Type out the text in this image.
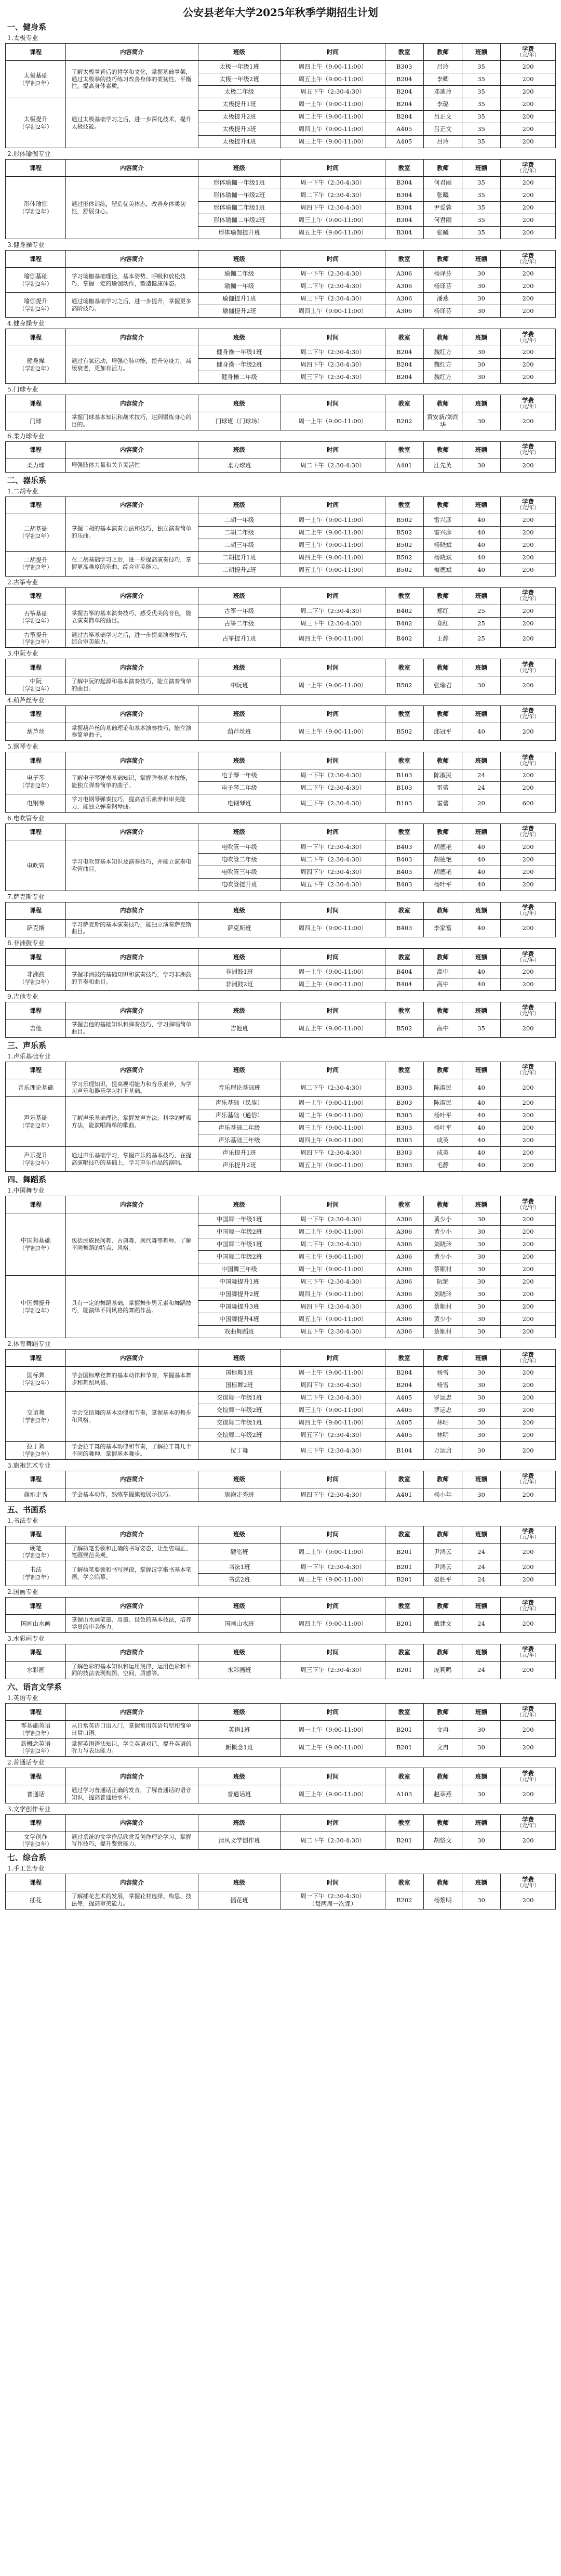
公安县老年大学2025年秋季学期招生计划
一、健身系
1.太极专业
课程	内容简介	班级	时间	教室	教师	班额	学费
（元/年）

太极基础
（学制2年）	了解太极拳背后的哲学和文化，掌握基础拳架，通过太极拳的技巧练习改善身体的柔韧性、平衡性，提高身体素质。	太极一年级1班	周四上午（9:00-11:00）	B303	吕玲	35	200
		太极一年级2班	周五上午（9:00-11:00）	B204	李卿	35	200
		太极二年级	周五下午（2:30-4:30）	B204	邓迪玲	35	200
太极提升
（学制2年）	通过太极基础学习之后，进一步深化技术，提升太极技能。	太极提升1班	周一上午（9:00-11:00）	B204	李璐	35	200
		太极提升2班	周二上午（9:00-11:00）	B204	吕正文	35	200
		太极提升3班	周四上午（9:00-11:00）	A405	吕正文	35	200
		太极提升4班	周三上午（9:00-11:00）	A405	吕玲	35	200
2.形体瑜伽专业
课程	内容简介	班级	时间	教室	教师	班额	学费
（元/年）

形体瑜伽
（学制2年）	通过形体训练，塑造优美体态，改善身体柔韧性，舒展身心。	形体瑜伽一年级1班	周一下午（2:30-4:30）	B304	何君丽	35	200
		形体瑜伽一年级2班	周二下午（2:30-4:30）	B304	张曦	35	200
		形体瑜伽二年级1班	周四下午（2:30-4:30）	B304	尹爱蓉	35	200
		形体瑜伽二年级2班	周三上午（9:00-11:00）	B304	何君丽	35	200
		形体瑜伽提升班	周五上午（9:00-11:00）	B304	张曦	35	200
3.健身操专业
课程	内容简介	班级	时间	教室	教师	班额	学费
（元/年）

瑜伽基础
（学制2年）	学习瑜伽基础理论，基本姿势、呼吸和放松技巧，掌握一定的瑜伽动作，塑造健康体态。	瑜伽二年级	周一下午（2:30-4:30）	A306	杨译芬	30	200
		瑜伽一年级	周二下午（2:30-4:30）	A306	杨译芬	30	200
瑜伽提升
（学制2年）	通过瑜伽基础学习之后，进一步提升，掌握更多高阶技巧。	瑜伽提升1班	周三下午（2:30-4:30）	A306	潘燕	30	200
		瑜伽提升2班	周四上午（9:00-11:00）	A306	杨译芬	30	200
4.健身操专业
课程	内容简介	班级	时间	教室	教师	班额	学费
（元/年）

健身操
（学制2年）	通过有氧运动，增强心肺功能，提升免疫力，减缓衰老，更加有活力。	健身操一年级1班	周二下午（2:30-4:30）	B204	魏红方	30	200
		健身操一年级2班	周四下午（2:30-4:30）	B204	魏红方	30	200
		健身操二年级	周三下午（2:30-4:30）	B204	魏红方	30	200
5.门球专业
课程	内容简介	班级	时间	教室	教师	班额	学费
（元/年）

门球	掌握门球基本知识和战术技巧，达到锻炼身心的目的。	门球班（门球场）	周一上午（9:00-11:00）	B202	黄安新/刘尚华	30	200
6.柔力球专业
课程	内容简介	班级	时间	教室	教师	班额	学费
（元/年）

柔力球	增强肢体力量和关节灵活性	柔力球班	周二下午（2:30-4:30）	A401	江先英	30	200
二、器乐系
1.二胡专业
课程	内容简介	班级	时间	教室	教师	班额	学费
（元/年）

二胡基础
（学制2年）	掌握二胡的基本演奏方法和技巧，独立演奏简单的乐曲。	二胡一年级	周一上午（9:00-11:00）	B502	雷兴彦	40	200
		二胡二年级	周二上午（9:00-11:00）	B502	雷兴彦	40	200
		二胡三年级	周三上午（9:00-11:00）	B502	杨晓斌	40	200
二胡提升
（学制2年）	在二胡基础学习之后，进一步提高演奏技巧，掌握更高难度的乐曲，综合审美能力。	二胡提升1班	周四上午（9:00-11:00）	B502	杨晓斌	40	200
		二胡提升2班	周五上午（9:00-11:00）	B502	梅德斌	40	200
2.古筝专业
课程	内容简介	班级	时间	教室	教师	班额	学费
（元/年）

古筝基础
（学制2年）	掌握古筝的基本演奏技巧，感受优美的音色，能立演奏简单的曲目。	古筝一年级	周二下午（2:30-4:30）	B402	郑红	25	200
		古筝二年级	周三下午（2:30-4:30）	B402	郑红	25	200
古筝提升
（学制2年）	通过古筝基础学习之后，进一步提高演奏技巧，综合审美能力。	古筝提升1班	周四上午（9:00-11:00）	B402	王静	25	200
3.中阮专业
课程	内容简介	班级	时间	教室	教师	班额	学费
（元/年）

中阮
（学制2年）	了解中阮的起源和基本演奏技巧，能立演奏简单的曲目。	中阮班	周一上午（9:00-11:00）	B502	张瑞君	30	200
4.葫芦丝专业
课程	内容简介	班级	时间	教室	教师	班额	学费
（元/年）

葫芦丝	掌握葫芦丝的基础理论和基本演奏技巧，能立演奏简单曲子。	葫芦丝班	周三上午（9:00-11:00）	B502	邱冠平	40	200
5.钢琴专业
课程	内容简介	班级	时间	教室	教师	班额	学费
（元/年）

电子琴
（学制2年）	了解电子琴弹奏基础知识，掌握弹奏基本技能，能独立弹奏简单的曲子。	电子琴一年级	周一下午（2:30-4:30）	B103	陈淑民	24	200
		电子琴二年级	周二下午（2:30-4:30）	B103	雷蕾	24	200
电钢琴	学习电钢琴弹奏技巧，提高音乐素养和审美能力，能独立弹奏钢琴曲。	电钢琴班	周三下午（2:30-4:30）	B103	雷蕾	20	600
6.电吹管专业
课程	内容简介	班级	时间	教室	教师	班额	学费
（元/年）

电吹管	学习电吹管基本知识及演奏技巧，并能立演奏电吹管曲目。	电吹管一年级	周一下午（2:30-4:30）	B403	胡德艳	40	200
		电吹管二年级	周二下午（2:30-4:30）	B403	胡德艳	40	200
		电吹管三年级	周四下午（2:30-4:30）	B403	胡德艳	40	200
		电吹管提升班	周五下午（2:30-4:30）	B403	杨叶平	40	200
7.萨克斯专业
课程	内容简介	班级	时间	教室	教师	班额	学费
（元/年）

萨克斯	学习萨克斯的基本演奏技巧，能独立演奏萨克斯曲目。	萨克斯班	周四上午（9:00-11:00）	B403	李家富	40	200
8.非洲鼓专业
课程	内容简介	班级	时间	教室	教师	班额	学费
（元/年）

非洲鼓
（学制2年）	掌握非洲鼓的基础知识和演奏技巧，学习非洲鼓的节奏和曲目。	非洲鼓1班	周一上午（9:00-11:00）	B404	高中	40	200
		非洲鼓2班	周三上午（9:00-11:00）	B404	高中	40	200
9.吉他专业
课程	内容简介	班级	时间	教室	教师	班额	学费
（元/年）

吉他	掌握吉他的基础知识和弹奏技巧，学习弹唱简单曲目。	吉他班	周五上午（9:00-11:00）	B502	高中	35	200
三、声乐系
1.声乐基础专业
课程	内容简介	班级	时间	教室	教师	班额	学费
（元/年）

音乐理论基础	学习乐理知识，提高视唱能力和音乐素养，为学习声乐和器乐学习打下基础。	音乐理论基础班	周二下午（2:30-4:30）	B303	陈淑民	40	200
声乐基础
（学制2年）	了解声乐基础理论，掌握发声方法、科学的呼吸方法，能演唱简单的歌曲。	声乐基础（民族）	周一上午（9:00-11:00）	B303	陈淑民	40	200
		声乐基础（通俗）	周二上午（9:00-11:00）	B303	杨叶平	40	200
		声乐基础二年级	周三上午（9:00-11:00）	B303	杨叶平	40	200
		声乐基础三年级	周四上午（9:00-11:00）	B303	成英	40	200
声乐提升
（学制2年）	通过声乐基础学习，掌握声乐的基本技巧，在提高演唱技巧的基础上，学习声乐作品的演唱。	声乐提升1班	周四下午（2:30-4:30）	B303	成英	40	200
		声乐提升2班	周五上午（9:00-11:00）	B303	毛静	40	200
四、舞蹈系
1.中国舞专业
课程	内容简介	班级	时间	教室	教师	班额	学费
（元/年）

中国舞基础
（学制2年）	包括民族民间舞、古典舞、现代舞等舞种。了解不同舞蹈的特点、风格。	中国舞一年级1班	周一下午（2:30-4:30）	A306	黄少小	30	200
		中国舞一年级2班	周二上午（9:00-11:00）	A306	黄少小	30	200
		中国舞二年级1班	周二下午（2:30-4:30）	A306	刘晓玲	30	200
		中国舞二年级2班	周三上午（9:00-11:00）	A306	黄少小	30	200
		中国舞三年级	周一上午（9:00-11:00）	A306	蔡顺村	30	200
中国舞提升
（学制2年）	具有一定的舞蹈基础，掌握舞步男元素和舞蹈技巧，能演绎不同风格的舞蹈作品。	中国舞提升1班	周三下午（2:30-4:30）	A306	阮艳	30	200
		中国舞提升2班	周四上午（9:00-11:00）	A306	刘晓玲	30	200
		中国舞提升3班	周四下午（2:30-4:30）	A306	蔡顺村	30	200
		中国舞提升4班	周五上午（9:00-11:00）	A306	黄少小	30	200
		戏曲舞蹈班	周五下午（2:30-4:30）	A306	蔡顺村	30	200
2.体育舞蹈专业
课程	内容简介	班级	时间	教室	教师	班额	学费
（元/年）

国标舞
（学制2年）	学会国标摩登舞的基本动律和节奏，掌握基本舞步和舞蹈风格。	国标舞1班	周一上午（9:00-11:00）	B204	杨雪	30	200
		国标舞2班	周四下午（2:30-4:30）	B204	杨雪	30	200
交谊舞
（学制2年）	学会交谊舞的基本动律和节奏，掌握基本的舞步和风格。	交谊舞一年级1班	周二下午（2:30-4:30）	A405	罗运忠	30	200
		交谊舞一年级2班	周三上午（9:00-11:00）	A405	罗运忠	30	200
		交谊舞二年级1班	周四上午（9:00-11:00）	A405	林明	30	200
		交谊舞二年级2班	周五下午（2:30-4:30）	A405	林明	30	200
拉丁舞
（学制2年）	学会拉丁舞的基本动律和节奏，了解拉丁舞几个不同的舞种，掌握基本舞步。	拉丁舞	周三下午（2:30-4:30）	B104	万运启	30	200
3.旗袍艺术专业
课程	内容简介	班级	时间	教室	教师	班额	学费
（元/年）

旗袍走秀	学会基本动作，熟练掌握旗袍展示技巧。	旗袍走秀班	周四下午（2:30-4:30）	A401	杨小年	30	200
五、书画系
1.书法专业
课程	内容简介	班级	时间	教室	教师	班额	学费
（元/年）

硬笔
（学制2年）	了解执笔要领和正确的书写姿态，让坐姿端正、笔画规范美观。	硬笔班	周二上午（9:00-11:00）	B201	尹鸿云	24	200
书法
（学制2年）	了解执笔要领和书写规律，掌握汉字楷书基本笔画，学会临摹。	书法1班	周一下午（2:30-4:30）	B201	尹鸿云	24	200
		书法2班	周三上午（9:00-11:00）	B201	晏胜平	24	200
2.国画专业
课程	内容简介	班级	时间	教室	教师	班额	学费
（元/年）

国画山水画	掌握山水画笔墨、用墨、设色的基本技法，培养学员的审美能力。	国画山水班	周四上午（9:00-11:00）	B201	戴建文	24	200
3.水彩画专业
课程	内容简介	班级	时间	教室	教师	班额	学费
（元/年）

水彩画	了解色彩的基本知识和运用规律，运用色彩和不同的技法表现构图、空间、质感等。	水彩画班	周三下午（2:30-4:30）	B201	庞莉鸣	24	200
六、语言文学系
1.英语专业
课程	内容简介	班级	时间	教室	教师	班额	学费
（元/年）

零基础英语
（学制2年）	从日常英语口语入门，掌握常用英语句型和简单日常口语。	英语1班	周一上午（9:00-11:00）	B201	文冉	30	200
新概念英语
（学制2年）	掌握英语语法知识，学会英语对话，提升英语的听力与表达能力。	新概念1班	周二上午（9:00-11:00）	B201	文冉	30	200
2.普通话专业
课程	内容简介	班级	时间	教室	教师	班额	学费
（元/年）

普通话	通过学习普通话正确的发音，了解普通话的语音知识，提高普通话水平。	普通话班	周三上午（9:00-11:00）	A103	赵莘燕	30	200
3.文学创作专业
课程	内容简介	班级	时间	教室	教师	班额	学费
（元/年）

文学创作
（学制2年）	通过系统的文学作品欣赏及创作理论学习，掌握写作技巧，提升鉴赏能力。	清风文学创作班	周二下午（2:30-4:30）	B201	胡恪文	30	200
七、综合系
1.手工艺专业
课程	内容简介	班级	时间	教室	教师	班额	学费
（元/年）

插花	了解插花艺术的发展，掌握花材选择、构思、技法等，提高审美能力。	插花班	周一下午（2:30-4:30）
（每两周一次课）	B202	杨黎明	30	200
